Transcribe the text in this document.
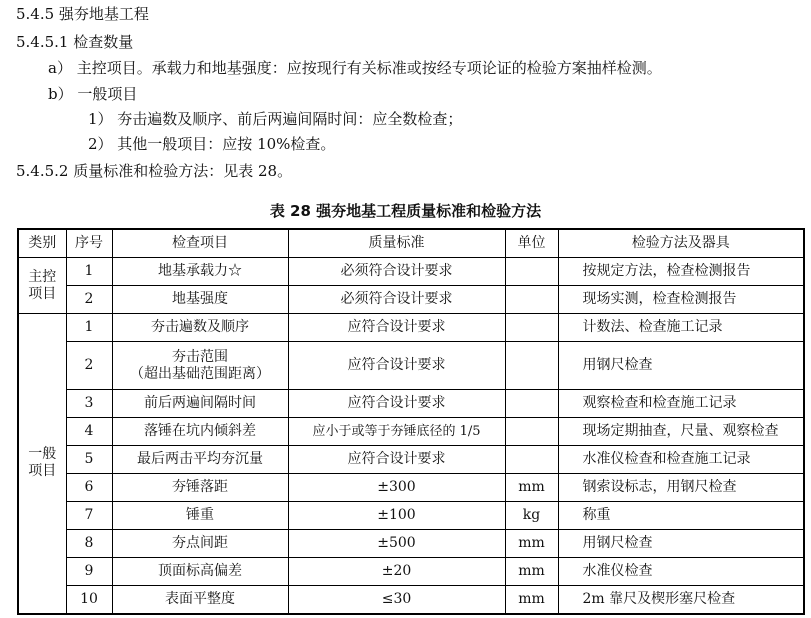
5.4.5 强夯地基工程
5.4.5.1 检查数量
a） 主控项目。承载力和地基强度：应按现行有关标准或按经专项论证的检验方案抽样检测。
b） 一般项目
1） 夯击遍数及顺序、前后两遍间隔时间：应全数检查；
2） 其他一般项目：应按 10%检查。
5.4.5.2 质量标准和检验方法：见表 28。
表 28 强夯地基工程质量标准和检验方法
类别	序号	检查项目	质量标准	单位	检验方法及器具
主控
项目	1	地基承载力☆	必须符合设计要求		按规定方法，检查检测报告
	2	地基强度	必须符合设计要求		现场实测，检查检测报告
一般
项目	1	夯击遍数及顺序	应符合设计要求		计数法、检查施工记录
	2	夯击范围
（超出基础范围距离）	应符合设计要求		用钢尺检查
	3	前后两遍间隔时间	应符合设计要求		观察检查和检查施工记录
	4	落锤在坑内倾斜差	应小于或等于夯锤底径的 1/5		现场定期抽查，尺量、观察检查
	5	最后两击平均夯沉量	应符合设计要求		水准仪检查和检查施工记录
	6	夯锤落距	±300	mm	钢索设标志，用钢尺检查
	7	锤重	±100	kg	称重
	8	夯点间距	±500	mm	用钢尺检查
	9	顶面标高偏差	±20	mm	水准仪检查
	10	表面平整度	≤30	mm	2m 靠尺及楔形塞尺检查
